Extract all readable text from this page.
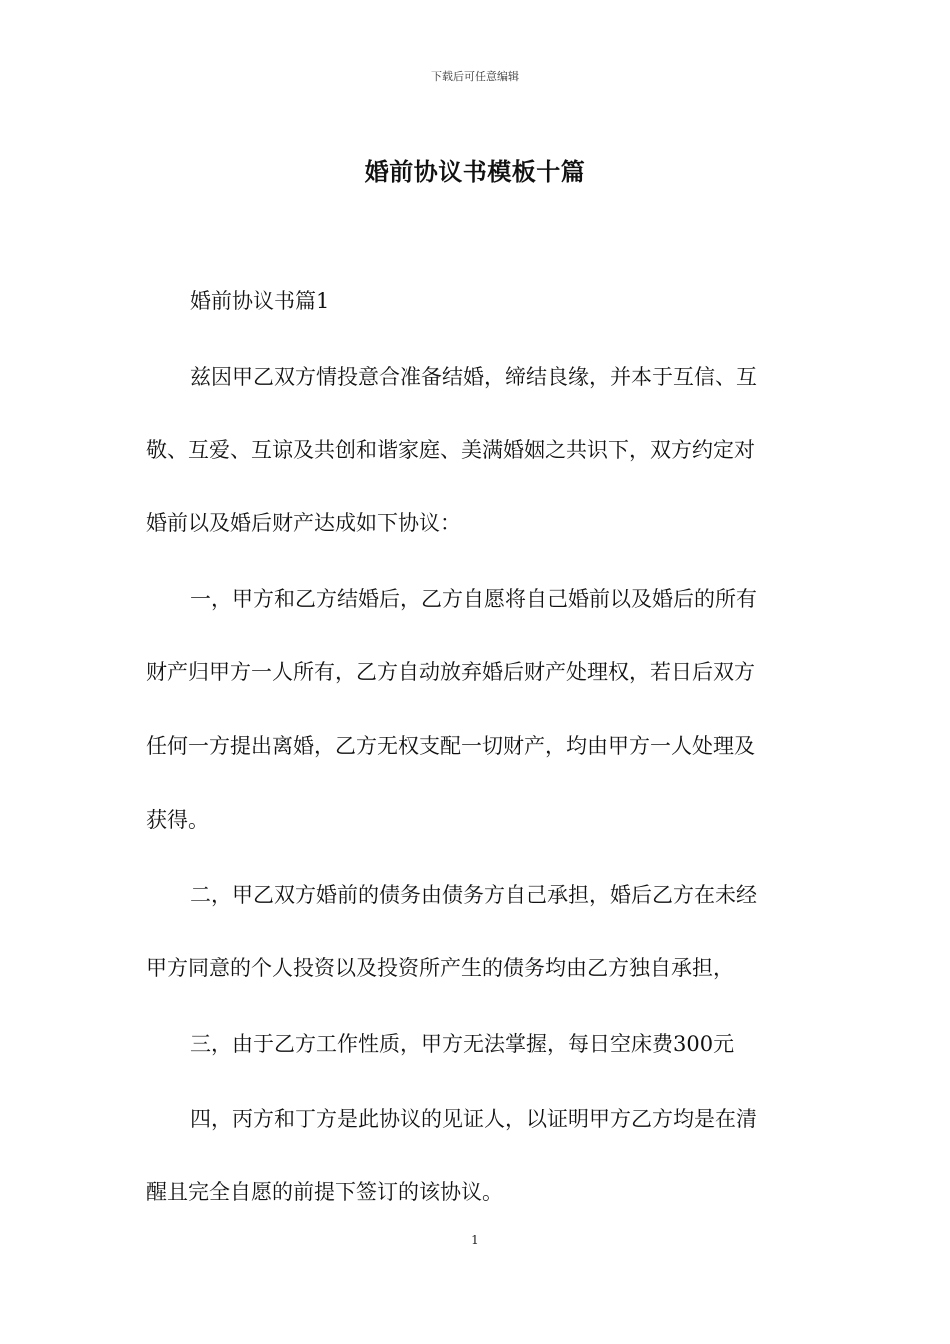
下载后可任意编辑
婚前协议书模板十篇
婚前协议书篇1
兹因甲乙双方情投意合准备结婚，缔结良缘，并本于互信、互
敬、互爱、互谅及共创和谐家庭、美满婚姻之共识下，双方约定对
婚前以及婚后财产达成如下协议：
一，甲方和乙方结婚后，乙方自愿将自己婚前以及婚后的所有
财产归甲方一人所有，乙方自动放弃婚后财产处理权，若日后双方
任何一方提出离婚，乙方无权支配一切财产，均由甲方一人处理及
获得。
二，甲乙双方婚前的债务由债务方自己承担，婚后乙方在未经
甲方同意的个人投资以及投资所产生的债务均由乙方独自承担，
三，由于乙方工作性质，甲方无法掌握，每日空床费300元
四，丙方和丁方是此协议的见证人，以证明甲方乙方均是在清
醒且完全自愿的前提下签订的该协议。
1
